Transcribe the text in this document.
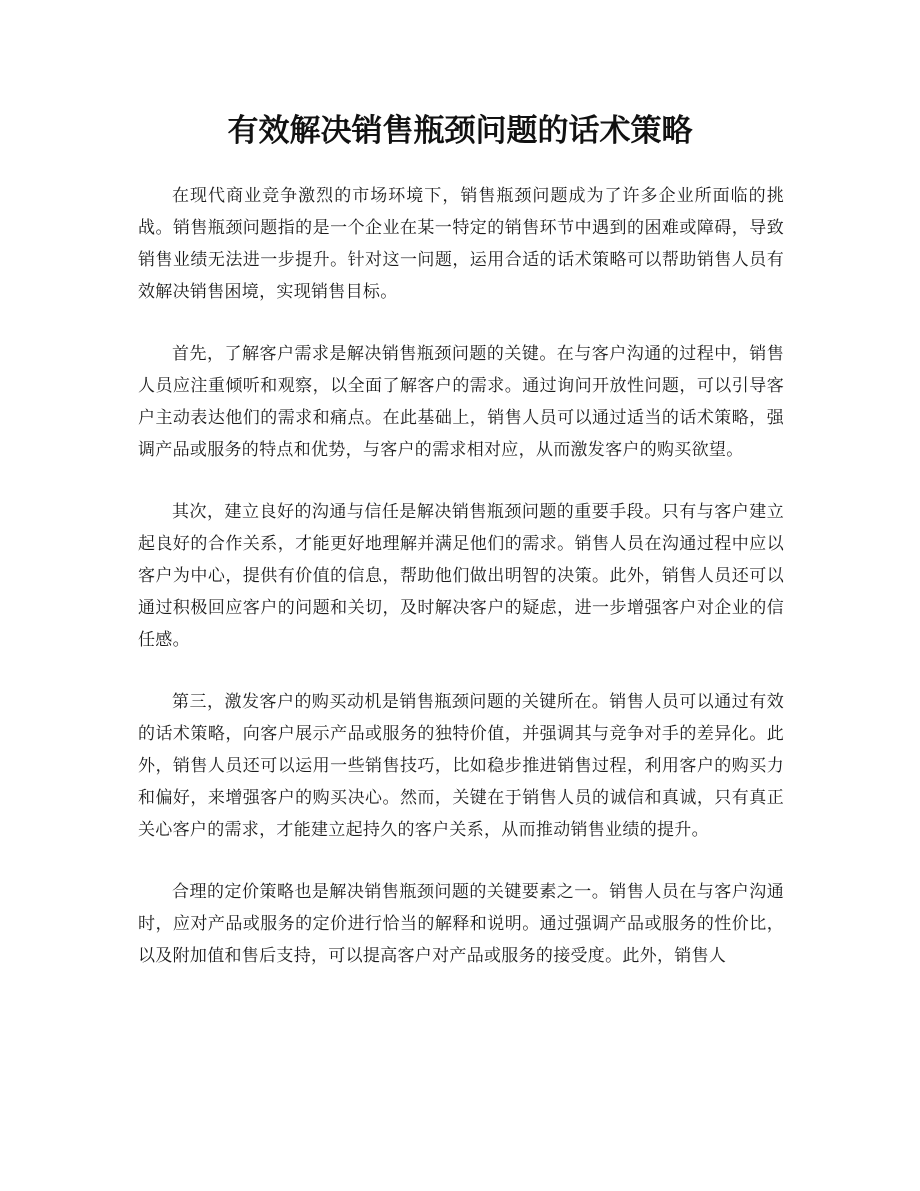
有效解决销售瓶颈问题的话术策略

在现代商业竞争激烈的市场环境下，销售瓶颈问题成为了许多企业所面临的挑战。销售瓶颈问题指的是一个企业在某一特定的销售环节中遇到的困难或障碍，导致销售业绩无法进一步提升。针对这一问题，运用合适的话术策略可以帮助销售人员有效解决销售困境，实现销售目标。

首先，了解客户需求是解决销售瓶颈问题的关键。在与客户沟通的过程中，销售人员应注重倾听和观察，以全面了解客户的需求。通过询问开放性问题，可以引导客户主动表达他们的需求和痛点。在此基础上，销售人员可以通过适当的话术策略，强调产品或服务的特点和优势，与客户的需求相对应，从而激发客户的购买欲望。

其次，建立良好的沟通与信任是解决销售瓶颈问题的重要手段。只有与客户建立起良好的合作关系，才能更好地理解并满足他们的需求。销售人员在沟通过程中应以客户为中心，提供有价值的信息，帮助他们做出明智的决策。此外，销售人员还可以通过积极回应客户的问题和关切，及时解决客户的疑虑，进一步增强客户对企业的信任感。

第三，激发客户的购买动机是销售瓶颈问题的关键所在。销售人员可以通过有效的话术策略，向客户展示产品或服务的独特价值，并强调其与竞争对手的差异化。此外，销售人员还可以运用一些销售技巧，比如稳步推进销售过程，利用客户的购买力和偏好，来增强客户的购买决心。然而，关键在于销售人员的诚信和真诚，只有真正关心客户的需求，才能建立起持久的客户关系，从而推动销售业绩的提升。

合理的定价策略也是解决销售瓶颈问题的关键要素之一。销售人员在与客户沟通时，应对产品或服务的定价进行恰当的解释和说明。通过强调产品或服务的性价比，以及附加值和售后支持，可以提高客户对产品或服务的接受度。此外，销售人
